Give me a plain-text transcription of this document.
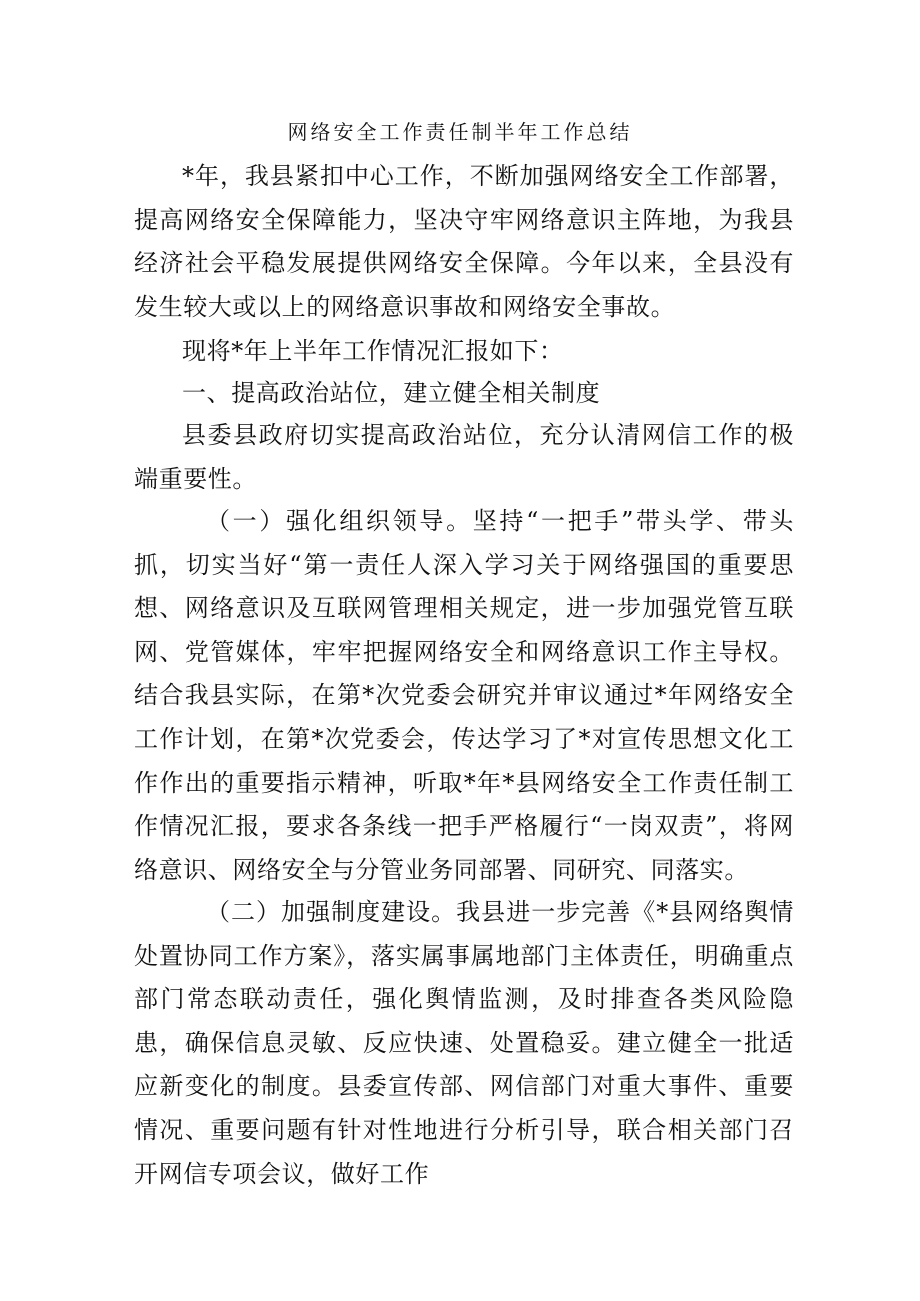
网络安全工作责任制半年工作总结

*年，我县紧扣中心工作，不断加强网络安全工作部署，提高网络安全保障能力，坚决守牢网络意识主阵地，为我县经济社会平稳发展提供网络安全保障。今年以来，全县没有发生较大或以上的网络意识事故和网络安全事故。

现将*年上半年工作情况汇报如下：

一、提高政治站位，建立健全相关制度

县委县政府切实提高政治站位，充分认清网信工作的极端重要性。

（一）强化组织领导。坚持“一把手”带头学、带头抓，切实当好“第一责任人深入学习关于网络强国的重要思想、网络意识及互联网管理相关规定，进一步加强党管互联网、党管媒体，牢牢把握网络安全和网络意识工作主导权。结合我县实际，在第*次党委会研究并审议通过*年网络安全工作计划，在第*次党委会，传达学习了*对宣传思想文化工作作出的重要指示精神，听取*年*县网络安全工作责任制工作情况汇报，要求各条线一把手严格履行“一岗双责”，将网络意识、网络安全与分管业务同部署、同研究、同落实。

（二）加强制度建设。我县进一步完善《*县网络舆情处置协同工作方案》，落实属事属地部门主体责任，明确重点部门常态联动责任，强化舆情监测，及时排查各类风险隐患，确保信息灵敏、反应快速、处置稳妥。建立健全一批适应新变化的制度。县委宣传部、网信部门对重大事件、重要情况、重要问题有针对性地进行分析引导，联合相关部门召开网信专项会议，做好工作
